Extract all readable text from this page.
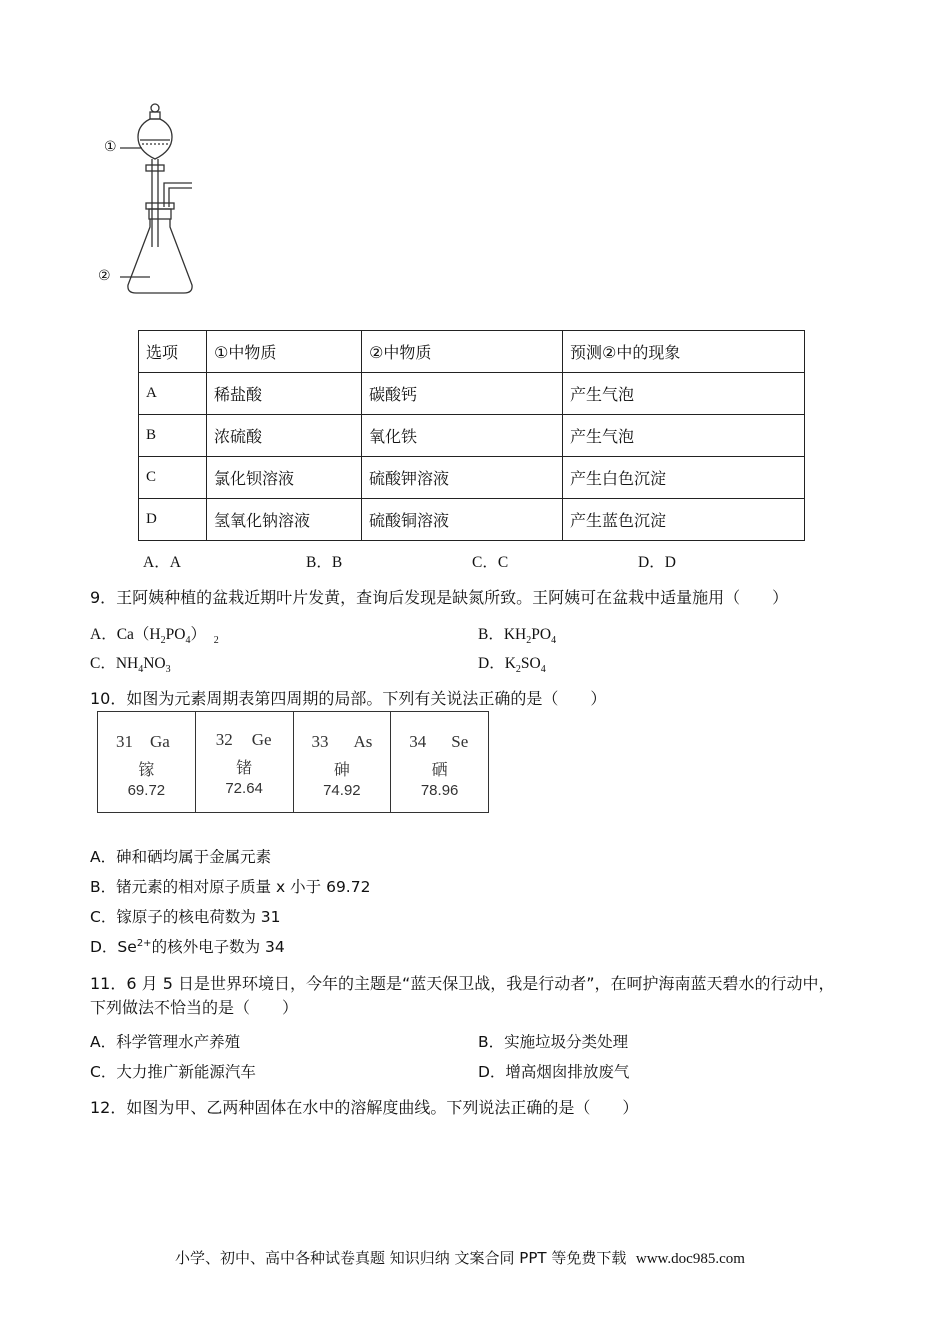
①
②
选项	①中物质	②中物质	预测②中的现象
A	稀盐酸	碳酸钙	产生气泡
B	浓硫酸	氧化铁	产生气泡
C	氯化钡溶液	硫酸钾溶液	产生白色沉淀
D	氢氧化钠溶液	硫酸铜溶液	产生蓝色沉淀
A．A	B．B	C．C	D．D
9．王阿姨种植的盆栽近期叶片发黄，查询后发现是缺氮所致。王阿姨可在盆栽中适量施用（　　）
A．$Ca(H_2PO_4)$ $_2$	B．$KH_2PO_4$
C．$NH_4NO_3$	D．$K_2SO_4$
10．如图为元素周期表第四周期的局部。下列有关说法正确的是（　　）
31 Ga
镓
69.72
32 Ge
锗
72.64
33 As
砷
74.92
34 Se
硒
78.96
A．砷和硒均属于金属元素
B．锗元素的相对原子质量 x 小于 69.72
C．镓原子的核电荷数为 31
D．$Se^{2+}$的核外电子数为 34
11．6 月 5 日是世界环境日，今年的主题是“蓝天保卫战，我是行动者”，在呵护海南蓝天碧水的行动中，
下列做法不恰当的是（　　）
A．科学管理水产养殖	B．实施垃圾分类处理
C．大力推广新能源汽车	D．增高烟囱排放废气
12．如图为甲、乙两种固体在水中的溶解度曲线。下列说法正确的是（　　）
小学、初中、高中各种试卷真题 知识归纳 文案合同 PPT 等免费下载 www.doc985.com
